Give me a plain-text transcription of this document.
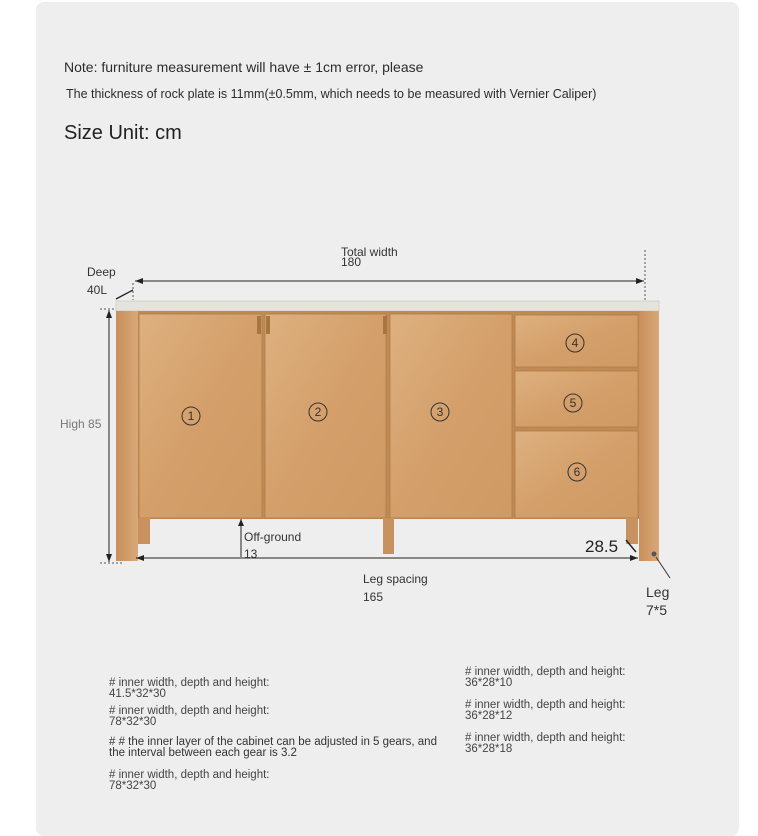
Note: furniture measurement will have ± 1cm error, please
The thickness of rock plate is 11mm(±0.5mm, which needs to be measured with Vernier Caliper)
Size Unit: cm
1	2	3
4
5
6
Total width
180
Deep
40L
High 85
Off-ground
13	28.5
Leg spacing
165	Leg
7*5
# inner width, depth and height:
41.5*32*30
# inner width, depth and height:
78*32*30
# # the inner layer of the cabinet can be adjusted in 5 gears, and
the interval between each gear is 3.2
# inner width, depth and height:
78*32*30
# inner width, depth and height:
36*28*10
# inner width, depth and height:
36*28*12
# inner width, depth and height:
36*28*18
